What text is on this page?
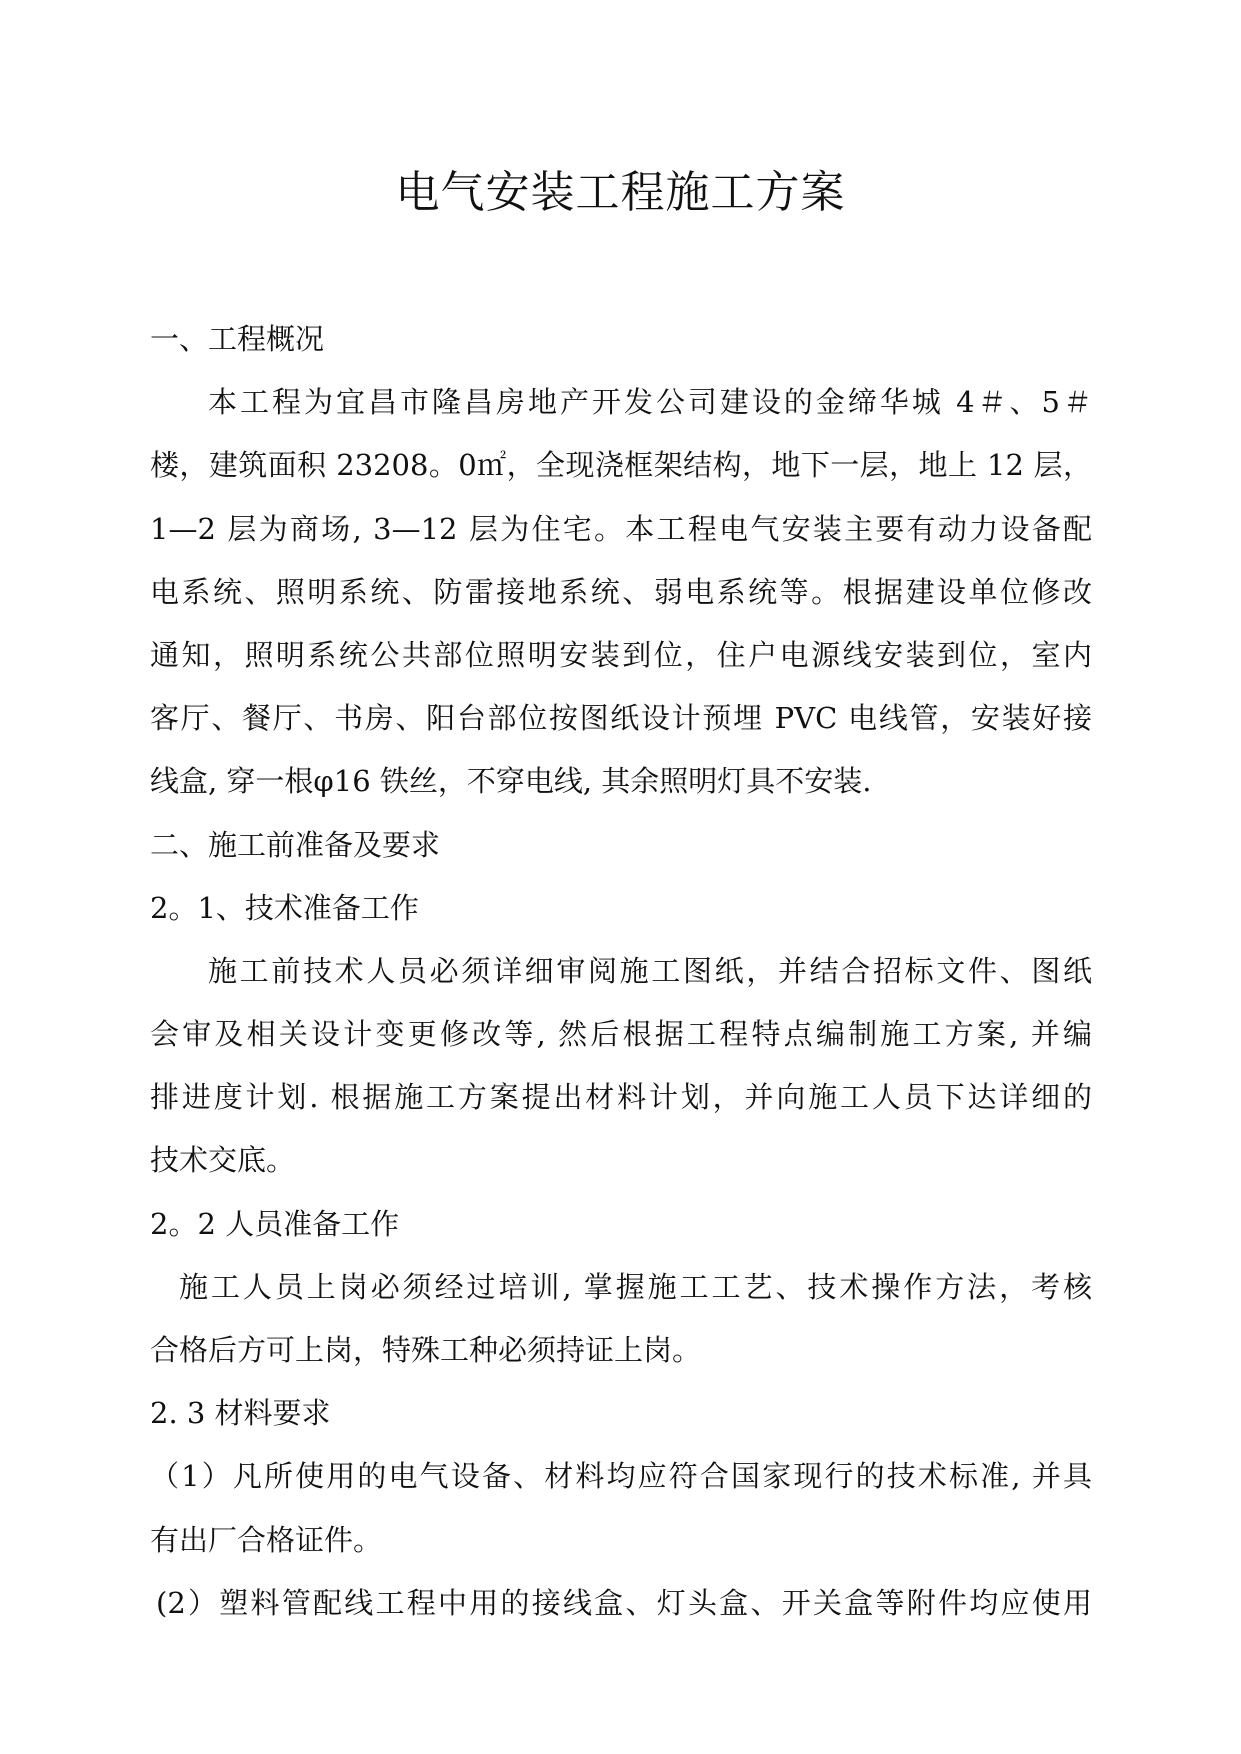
电气安装工程施工方案
一、工程概况
本工程为宜昌市隆昌房地产开发公司建设的金缔华城 4＃、5＃
楼，建筑面积 23208。0㎡，全现浇框架结构，地下一层，地上 12 层，
1—2 层为商场, 3—12 层为住宅。本工程电气安装主要有动力设备配
电系统、照明系统、防雷接地系统、弱电系统等。根据建设单位修改
通知，照明系统公共部位照明安装到位，住户电源线安装到位，室内
客厅、餐厅、书房、阳台部位按图纸设计预埋 PVC 电线管，安装好接
线盒, 穿一根φ16 铁丝，不穿电线, 其余照明灯具不安装.
二、施工前准备及要求
2。1、技术准备工作
施工前技术人员必须详细审阅施工图纸，并结合招标文件、图纸
会审及相关设计变更修改等, 然后根据工程特点编制施工方案, 并编
排进度计划. 根据施工方案提出材料计划，并向施工人员下达详细的
技术交底。
2。2 人员准备工作
施工人员上岗必须经过培训, 掌握施工工艺、技术操作方法，考核
合格后方可上岗，特殊工种必须持证上岗。
2. 3 材料要求
（1）凡所使用的电气设备、材料均应符合国家现行的技术标准, 并具
有出厂合格证件。
(2）塑料管配线工程中用的接线盒、灯头盒、开关盒等附件均应使用
